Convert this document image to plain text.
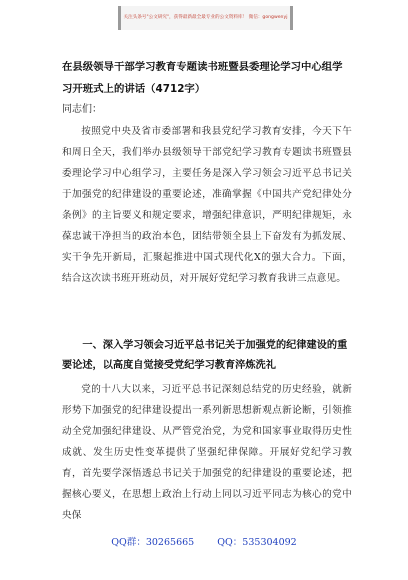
关注头条号"公文研究"，获得最新最全最专业的公文资料库！ 微信：gongwenyj
在县级领导干部学习教育专题读书班暨县委理论学习中心组学习开班式上的讲话（4712字）

同志们：

按照党中央及省市委部署和我县党纪学习教育安排，今天下午和周日全天，我们举办县级领导干部党纪学习教育专题读书班暨县委理论学习中心组学习，主要任务是深入学习领会习近平总书记关于加强党的纪律建设的重要论述，准确掌握《中国共产党纪律处分条例》的主旨要义和规定要求，增强纪律意识，严明纪律规矩，永葆忠诚干净担当的政治本色，团结带领全县上下奋发有为抓发展、实干争先开新局，汇聚起推进中国式现代化X的强大合力。下面，结合这次读书班开班动员，对开展好党纪学习教育我讲三点意见。

一、深入学习领会习近平总书记关于加强党的纪律建设的重要论述，以高度自觉接受党纪学习教育淬炼洗礼

党的十八大以来，习近平总书记深刻总结党的历史经验，就新形势下加强党的纪律建设提出一系列新思想新观点新论断，引领推动全党加强纪律建设、从严管党治党，为党和国家事业取得历史性成就、发生历史性变革提供了坚强纪律保障。开展好党纪学习教育，首先要学深悟透总书记关于加强党的纪律建设的重要论述，把握核心要义，在思想上政治上行动上同以习近平同志为核心的党中央保

QQ群：30265665 QQ：535304092
